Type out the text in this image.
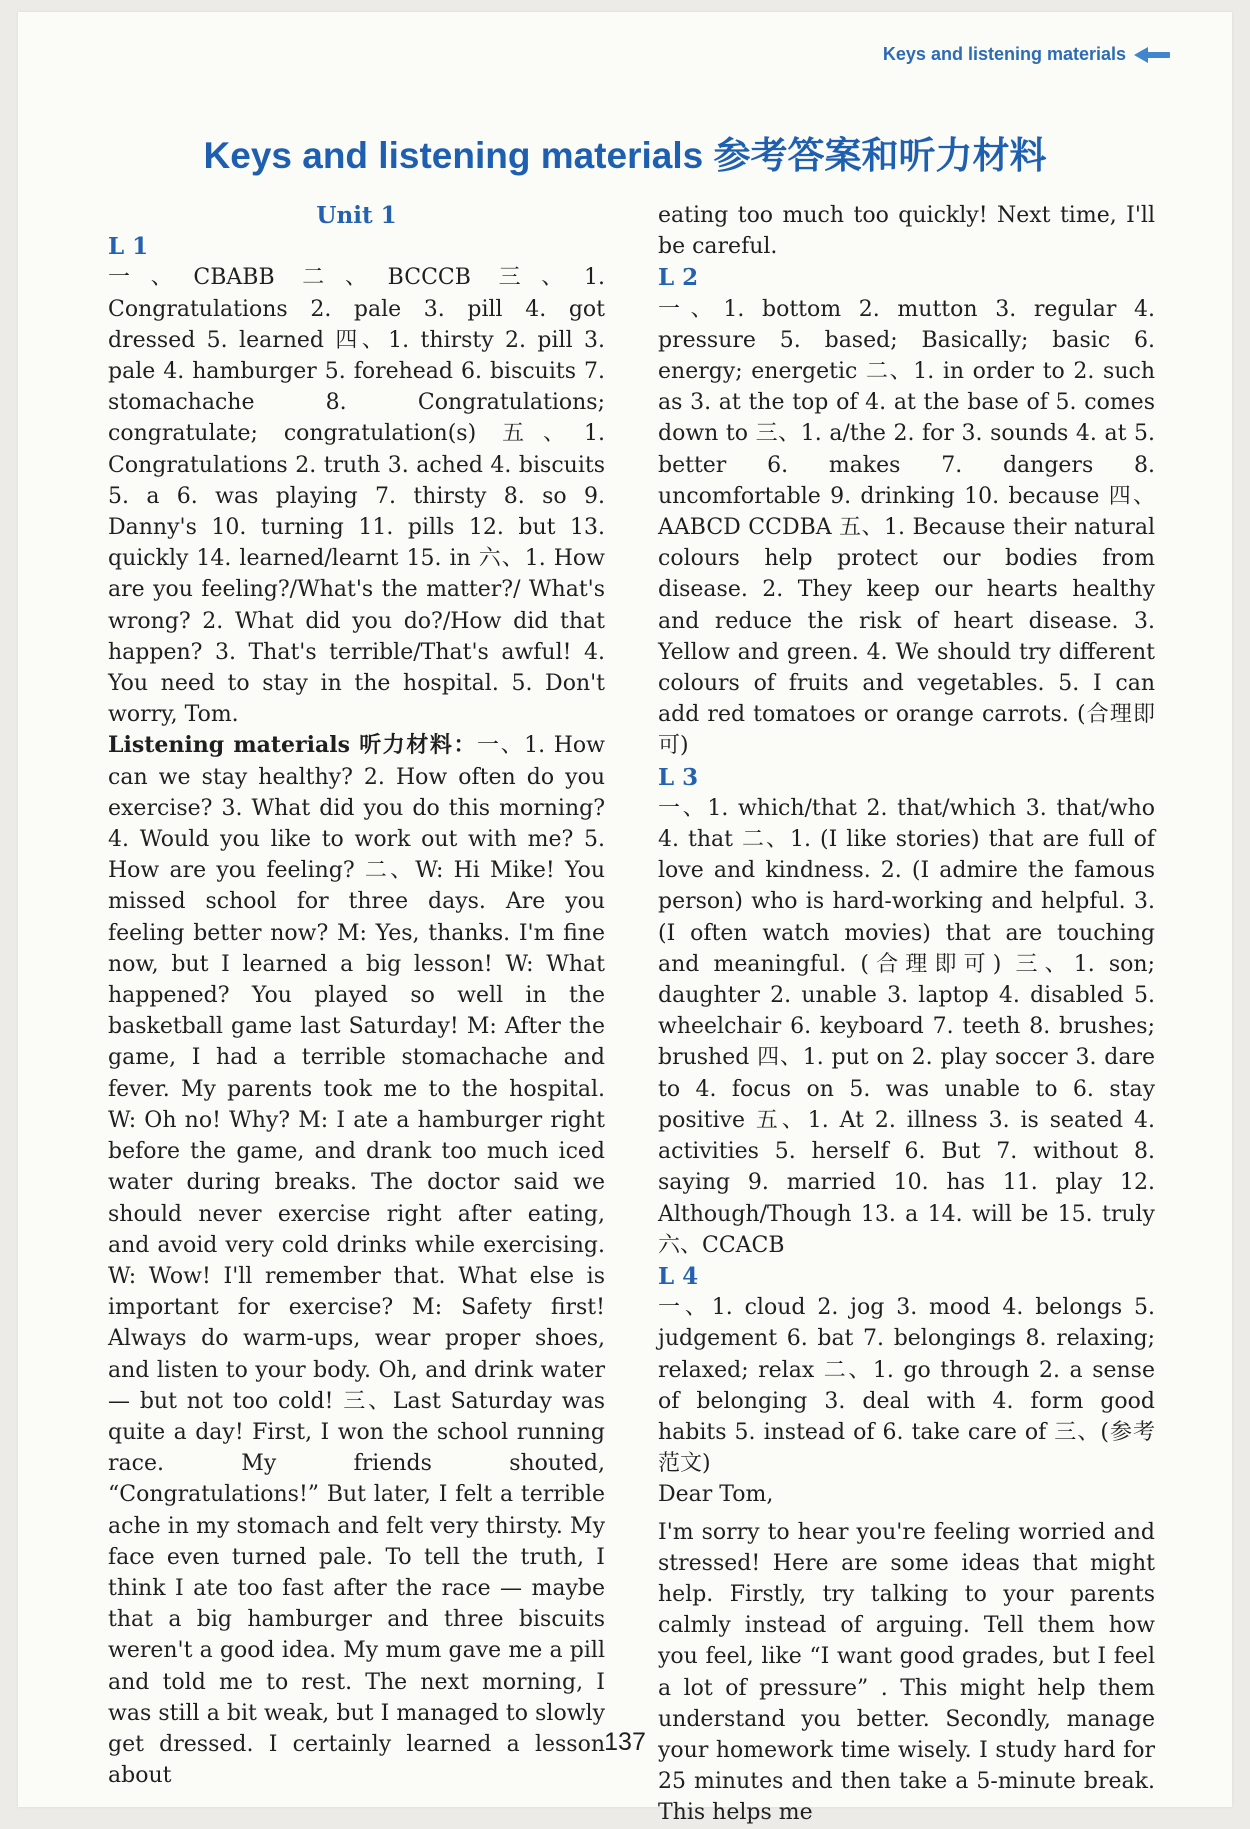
Keys and listening materials
Keys and listening materials 参考答案和听力材料

Unit 1

L 1

一、CBABB 二、BCCCB 三、1. Congratulations 2. pale 3. pill 4. got dressed 5. learned 四、1. thirsty 2. pill 3. pale 4. hamburger 5. forehead 6. biscuits 7. stomachache 8. Congratulations; congratulate; congratulation(s) 五、1. Congratulations 2. truth 3. ached 4. biscuits 5. a 6. was playing 7. thirsty 8. so 9. Danny's 10. turning 11. pills 12. but 13. quickly 14. learned/learnt 15. in 六、1. How are you feeling?/What's the matter?/ What's wrong? 2. What did you do?/How did that happen? 3. That's terrible/That's awful! 4. You need to stay in the hospital. 5. Don't worry, Tom.

Listening materials 听力材料：一、1. How can we stay healthy? 2. How often do you exercise? 3. What did you do this morning? 4. Would you like to work out with me? 5. How are you feeling? 二、W: Hi Mike! You missed school for three days. Are you feeling better now? M: Yes, thanks. I'm fine now, but I learned a big lesson! W: What happened? You played so well in the basketball game last Saturday! M: After the game, I had a terrible stomachache and fever. My parents took me to the hospital. W: Oh no! Why? M: I ate a hamburger right before the game, and drank too much iced water during breaks. The doctor said we should never exercise right after eating, and avoid very cold drinks while exercising. W: Wow! I'll remember that. What else is important for exercise? M: Safety first! Always do warm-ups, wear proper shoes, and listen to your body. Oh, and drink water — but not too cold! 三、Last Saturday was quite a day! First, I won the school running race. My friends shouted, “Congratulations!” But later, I felt a terrible ache in my stomach and felt very thirsty. My face even turned pale. To tell the truth, I think I ate too fast after the race — maybe that a big hamburger and three biscuits weren't a good idea. My mum gave me a pill and told me to rest. The next morning, I was still a bit weak, but I managed to slowly get dressed. I certainly learned a lesson about

eating too much too quickly! Next time, I'll be careful.

L 2

一、1. bottom 2. mutton 3. regular 4. pressure 5. based; Basically; basic 6. energy; energetic 二、1. in order to 2. such as 3. at the top of 4. at the base of 5. comes down to 三、1. a/the 2. for 3. sounds 4. at 5. better 6. makes 7. dangers 8. uncomfortable 9. drinking 10. because 四、AABCD CCDBA 五、1. Because their natural colours help protect our bodies from disease. 2. They keep our hearts healthy and reduce the risk of heart disease. 3. Yellow and green. 4. We should try different colours of fruits and vegetables. 5. I can add red tomatoes or orange carrots. (合理即可)

L 3

一、1. which/that 2. that/which 3. that/who 4. that 二、1. (I like stories) that are full of love and kindness. 2. (I admire the famous person) who is hard-working and helpful. 3. (I often watch movies) that are touching and meaningful. (合理即可) 三、1. son; daughter 2. unable 3. laptop 4. disabled 5. wheelchair 6. keyboard 7. teeth 8. brushes; brushed 四、1. put on 2. play soccer 3. dare to 4. focus on 5. was unable to 6. stay positive 五、1. At 2. illness 3. is seated 4. activities 5. herself 6. But 7. without 8. saying 9. married 10. has 11. play 12. Although/Though 13. a 14. will be 15. truly 六、CCACB

L 4

一、1. cloud 2. jog 3. mood 4. belongs 5. judgement 6. bat 7. belongings 8. relaxing; relaxed; relax 二、1. go through 2. a sense of belonging 3. deal with 4. form good habits 5. instead of 6. take care of 三、(参考范文)

Dear Tom,

I'm sorry to hear you're feeling worried and stressed! Here are some ideas that might help. Firstly, try talking to your parents calmly instead of arguing. Tell them how you feel, like “I want good grades, but I feel a lot of pressure” . This might help them understand you better. Secondly, manage your homework time wisely. I study hard for 25 minutes and then take a 5-minute break. This helps me

137
